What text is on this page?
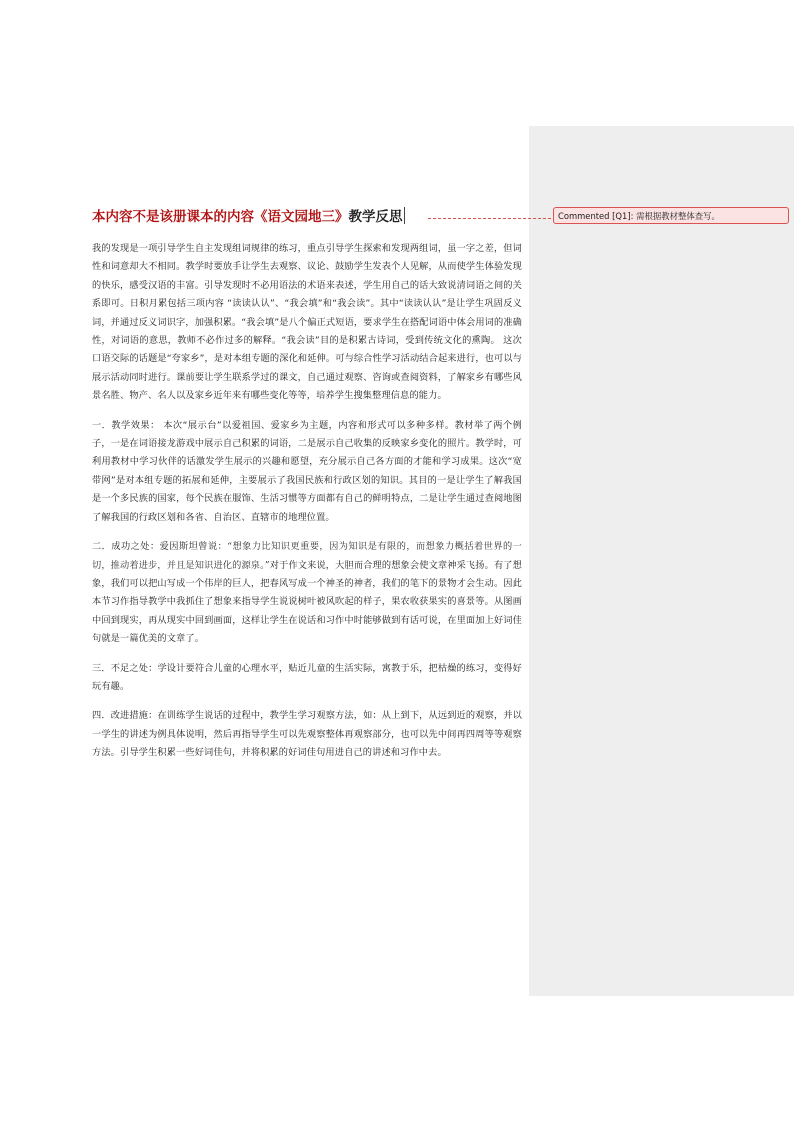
本内容不是该册课本的内容《语文园地三》教学反思

我的发现是一项引导学生自主发现组词规律的练习，重点引导学生探索和发现两组词，虽一字之差，但词性和词意却大不相同。教学时要放手让学生去观察、议论、鼓励学生发表个人见解，从而使学生体验发现的快乐，感受汉语的丰富。引导发现时不必用语法的术语来表述，学生用自己的话大致说清词语之间的关系即可。日积月累包括三项内容 “读读认认”、“我会填”和“我会读”。其中“读读认认”是让学生巩固反义词，并通过反义词识字，加强积累。“我会填”是八个偏正式短语，要求学生在搭配词语中体会用词的准确性，对词语的意思，教师不必作过多的解释。“我会读”目的是积累古诗词，受到传统文化的熏陶。 这次口语交际的话题是“夸家乡”，是对本组专题的深化和延伸。可与综合性学习活动结合起来进行，也可以与展示活动同时进行。课前要让学生联系学过的课文，自己通过观察、咨询或查阅资料，了解家乡有哪些风景名胜、物产、名人以及家乡近年来有哪些变化等等，培养学生搜集整理信息的能力。

一．教学效果： 本次“展示台”以爱祖国、爱家乡为主题，内容和形式可以多种多样。教材举了两个例子，一是在词语接龙游戏中展示自己积累的词语，二是展示自己收集的反映家乡变化的照片。教学时，可利用教材中学习伙伴的话激发学生展示的兴趣和愿望，充分展示自己各方面的才能和学习成果。这次“宽带网”是对本组专题的拓展和延伸，主要展示了我国民族和行政区划的知识。其目的一是让学生了解我国是一个多民族的国家，每个民族在服饰、生活习惯等方面都有自己的鲜明特点，二是让学生通过查阅地图了解我国的行政区划和各省、自治区、直辖市的地理位置。

二．成功之处：爱因斯坦曾说：“想象力比知识更重要，因为知识是有限的，而想象力概括着世界的一切，推动着进步，并且是知识进化的源泉。”对于作文来说，大胆而合理的想象会使文章神采飞扬。有了想象，我们可以把山写成一个伟岸的巨人，把春风写成一个神圣的神者，我们的笔下的景物才会生动。因此本节习作指导教学中我抓住了想象来指导学生说说树叶被风吹起的样子，果农收获果实的喜景等。从图画中回到现实，再从现实中回到画面，这样让学生在说话和习作中时能够做到有话可说，在里面加上好词佳句就是一篇优美的文章了。

三．不足之处：学设计要符合儿童的心理水平，贴近儿童的生活实际，寓教于乐，把枯燥的练习，变得好玩有趣。

四．改进措施：在训练学生说话的过程中，教学生学习观察方法，如：从上到下，从远到近的观察，并以一学生的讲述为例具体说明，然后再指导学生可以先观察整体再观察部分，也可以先中间再四周等等观察方法。引导学生积累一些好词佳句，并将积累的好词佳句用进自己的讲述和习作中去。

Commented [Q1]: 需根据教材整体查写。
